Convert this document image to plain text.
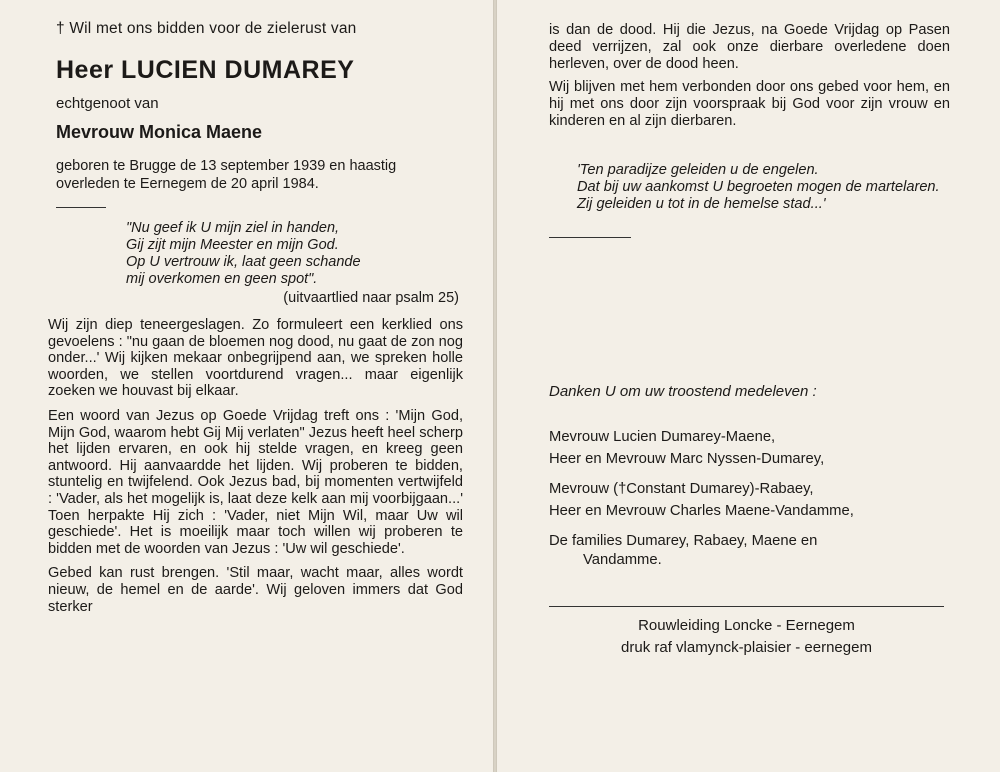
† Wil met ons bidden voor de zielerust van

Heer LUCIEN DUMAREY

echtgenoot van

Mevrouw Monica Maene

geboren te Brugge de 13 september 1939 en haastig overleden te Eernegem de 20 april 1984.

"Nu geef ik U mijn ziel in handen,

Gij zijt mijn Meester en mijn God.

Op U vertrouw ik, laat geen schande

mij overkomen en geen spot".

(uitvaartlied naar psalm 25)

Wij zijn diep teneergeslagen. Zo formuleert een kerklied ons gevoelens : "nu gaan de bloemen nog dood, nu gaat de zon nog onder...' Wij kijken mekaar onbegrijpend aan, we spreken holle woorden, we stellen voortdurend vragen... maar eigenlijk zoeken we houvast bij elkaar.

Een woord van Jezus op Goede Vrijdag treft ons : 'Mijn God, Mijn God, waarom hebt Gij Mij verlaten" Jezus heeft heel scherp het lijden ervaren, en ook hij stelde vragen, en kreeg geen antwoord. Hij aanvaardde het lijden. Wij proberen te bidden, stuntelig en twijfelend. Ook Jezus bad, bij momenten vertwijfeld : 'Vader, als het mogelijk is, laat deze kelk aan mij voorbijgaan...' Toen herpakte Hij zich : 'Vader, niet Mijn Wil, maar Uw wil geschiede'. Het is moeilijk maar toch willen wij proberen te bidden met de woorden van Jezus : 'Uw wil geschiede'.

Gebed kan rust brengen. 'Stil maar, wacht maar, alles wordt nieuw, de hemel en de aarde'. Wij geloven immers dat God sterker

is dan de dood. Hij die Jezus, na Goede Vrijdag op Pasen deed verrijzen, zal ook onze dierbare overledene doen herleven, over de dood heen.

Wij blijven met hem verbonden door ons gebed voor hem, en hij met ons door zijn voorspraak bij God voor zijn vrouw en kinderen en al zijn dierbaren.

'Ten paradijze geleiden u de engelen.

Dat bij uw aankomst U begroeten mogen de martelaren.

Zij geleiden u tot in de hemelse stad...'

Danken U om uw troostend medeleven :

Mevrouw Lucien Dumarey-Maene,

Heer en Mevrouw Marc Nyssen-Dumarey,

Mevrouw (†Constant Dumarey)-Rabaey,

Heer en Mevrouw Charles Maene-Vandamme,

De families Dumarey, Rabaey, Maene en

Vandamme.

Rouwleiding Loncke - Eernegem

druk raf vlamynck-plaisier - eernegem
